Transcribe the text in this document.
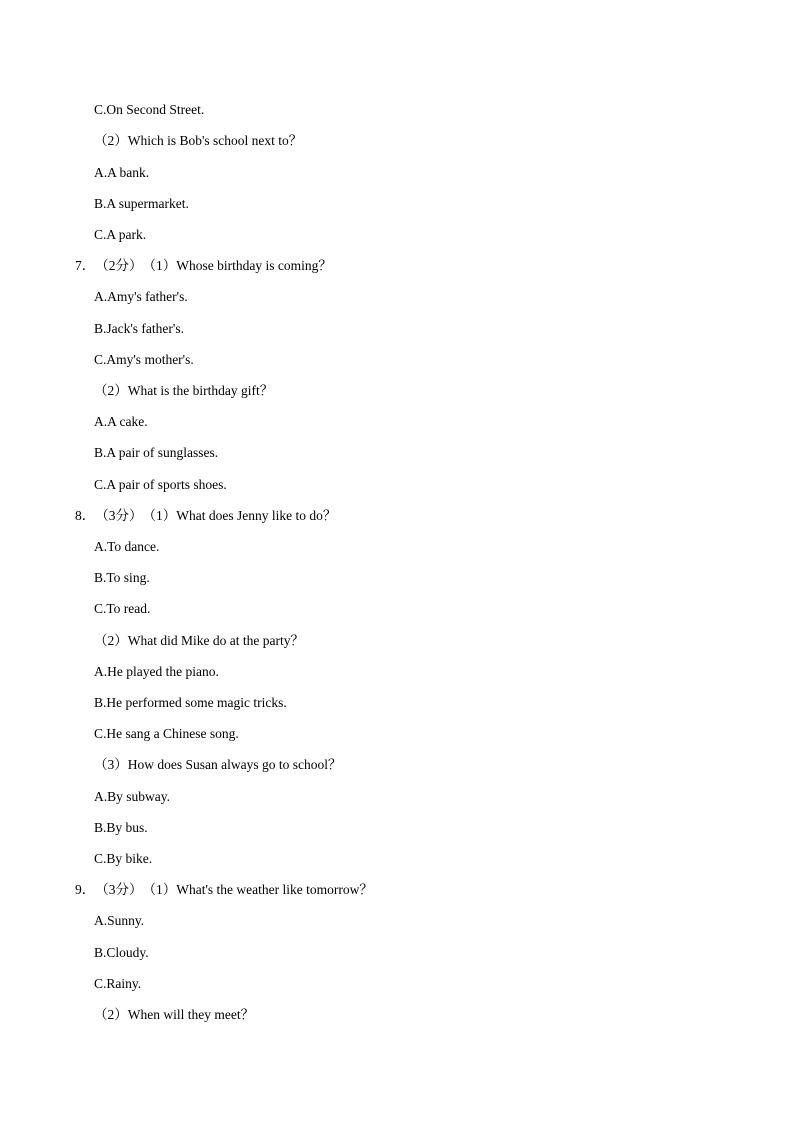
C.On Second Street.
（2）Which is Bob's school next to？
A.A bank.
B.A supermarket.
C.A park.
7．（2分）（1）Whose birthday is coming？
A.Amy's father's.
B.Jack's father's.
C.Amy's mother's.
（2）What is the birthday gift？
A.A cake.
B.A pair of sunglasses.
C.A pair of sports shoes.
8．（3分）（1）What does Jenny like to do？
A.To dance.
B.To sing.
C.To read.
（2）What did Mike do at the party？
A.He played the piano.
B.He performed some magic tricks.
C.He sang a Chinese song.
（3）How does Susan always go to school？
A.By subway.
B.By bus.
C.By bike.
9．（3分）（1）What's the weather like tomorrow？
A.Sunny.
B.Cloudy.
C.Rainy.
（2）When will they meet？
